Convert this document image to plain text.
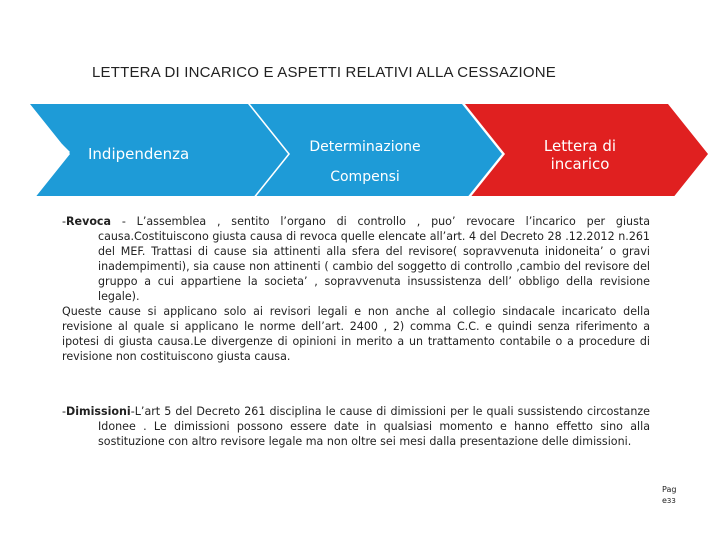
LETTERA DI INCARICO E ASPETTI RELATIVI ALLA CESSAZIONE
Indipendenza	Determinazione
Compensi
Lettera di
incarico

-Revoca - L’assemblea , sentito l’organo di controllo , puo’ revocare l’incarico per giusta causa.Costituiscono giusta causa di revoca quelle elencate all’art. 4 del Decreto 28 .12.2012 n.261 del MEF. Trattasi di cause sia attinenti alla sfera del revisore( sopravvenuta inidoneita’ o gravi inadempimenti), sia cause non attinenti ( cambio del soggetto di controllo ,cambio del revisore del gruppo a cui appartiene la societa’ , sopravvenuta insussistenza dell’ obbligo della revisione legale).

Queste cause si applicano solo ai revisori legali e non anche al collegio sindacale incaricato della revisione al quale si applicano le norme dell’art. 2400 , 2) comma C.C. e quindi senza riferimento a ipotesi di giusta causa.Le divergenze di opinioni in merito a un trattamento contabile o a procedure di revisione non costituiscono giusta causa.

-Dimissioni-L’art 5 del Decreto 261 disciplina le cause di dimissioni per le quali sussistendo circostanze Idonee . Le dimissioni possono essere date in qualsiasi momento e hanno effetto sino alla sostituzione con altro revisore legale ma non oltre sei mesi dalla presentazione delle dimissioni.

Pag
e33
